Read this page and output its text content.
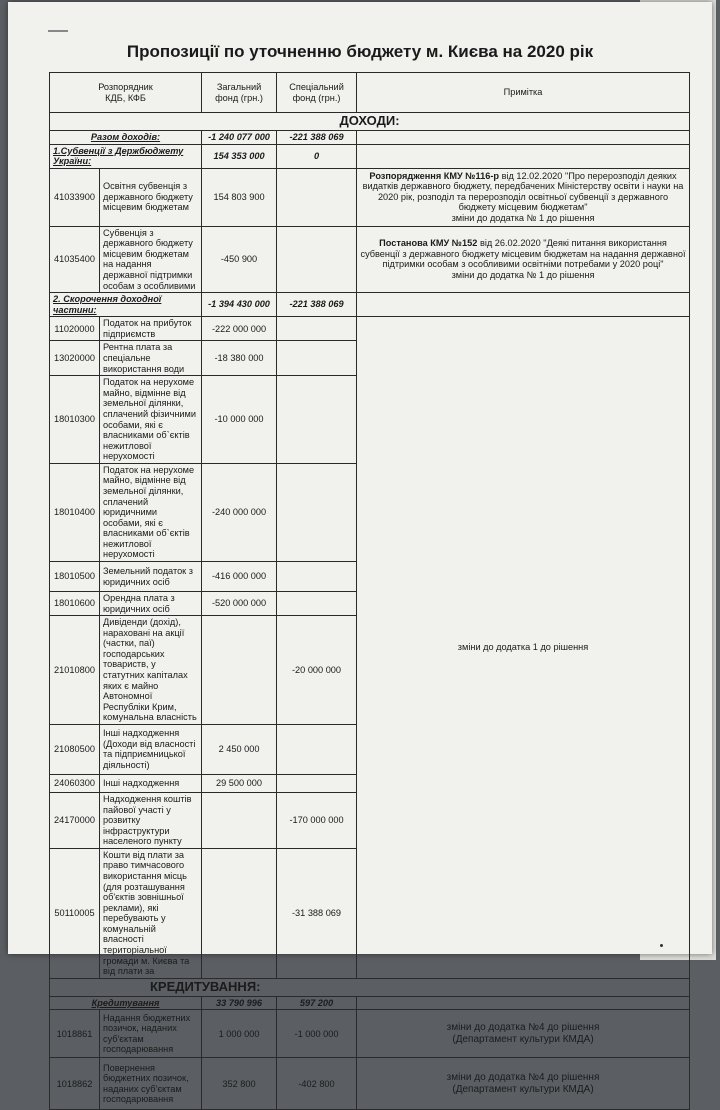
Пропозиції по уточненню бюджету м. Києва на 2020 рік
Розпорядник
КДБ, КФБ		Загальний фонд (грн.)	Спеціальний фонд (грн.)	Примітка
ДОХОДИ:				
Разом доходів:		-1 240 077 000	-221 388 069	
1.Субвенції з Держбюджету України:		154 353 000	0	
41033900	Освітня субвенція з державного бюджету місцевим бюджетам	154 803 900		Розпорядження КМУ №116-р від 12.02.2020 "Про перерозподіл деяких видатків державного бюджету, передбачених Міністерству освіти і науки на 2020 рік, розподіл та перерозподіл освітньої субвенції з державного бюджету місцевим бюджетам"
зміни до додатка № 1 до рішення
41035400	Субвенція з державного бюджету місцевим бюджетам на надання державної підтримки особам з особливими	-450 900		Постанова КМУ №152 від 26.02.2020 "Деякі питання використання субвенції з державного бюджету місцевим бюджетам на надання державної підтримки особам з особливими освітніми потребами у 2020 році"
зміни до додатка № 1 до рішення
2. Скорочення доходної частини:		-1 394 430 000	-221 388 069	
11020000	Податок на прибуток підприємств	-222 000 000		зміни до додатка 1 до рішення
13020000	Рентна плата за спеціальне використання води	-18 380 000		
18010300	Податок на нерухоме майно, відмінне від земельної ділянки, сплачений фізичними особами, які є власниками об`єктів нежитлової нерухомості	-10 000 000		
18010400	Податок на нерухоме майно, відмінне від земельної ділянки, сплачений юридичними особами, які є власниками об`єктів нежитлової нерухомості	-240 000 000		
18010500	Земельний податок з юридичних осіб	-416 000 000		
18010600	Орендна плата з юридичних осіб	-520 000 000		
21010800	Дивіденди (дохід), нараховані на акції (частки, паї) господарських товариств, у статутних капіталах яких є майно Автономної Республіки Крим, комунальна власність		-20 000 000	
21080500	Інші надходження (Доходи від власності та підприємницької діяльності)	2 450 000		
24060300	Інші надходження	29 500 000		
24170000	Надходження коштів пайової участі у розвитку інфраструктури населеного пункту		-170 000 000	
50110005	Кошти від плати за право тимчасового використання місць (для розташування об'єктів зовнішньої реклами), які перебувають у комунальній власності територіальної громади м. Києва та від плати за		-31 388 069	
КРЕДИТУВАННЯ:				
Кредитування		33 790 996	597 200	
1018861	Надання бюджетних позичок, наданих суб'єктам господарювання	1 000 000	-1 000 000	зміни до додатка №4 до рішення
(Департамент культури КМДА)
1018862	Повернення бюджетних позичок, наданих суб'єктам господарювання	352 800	-402 800	зміни до додатка №4 до рішення
(Департамент культури КМДА)
